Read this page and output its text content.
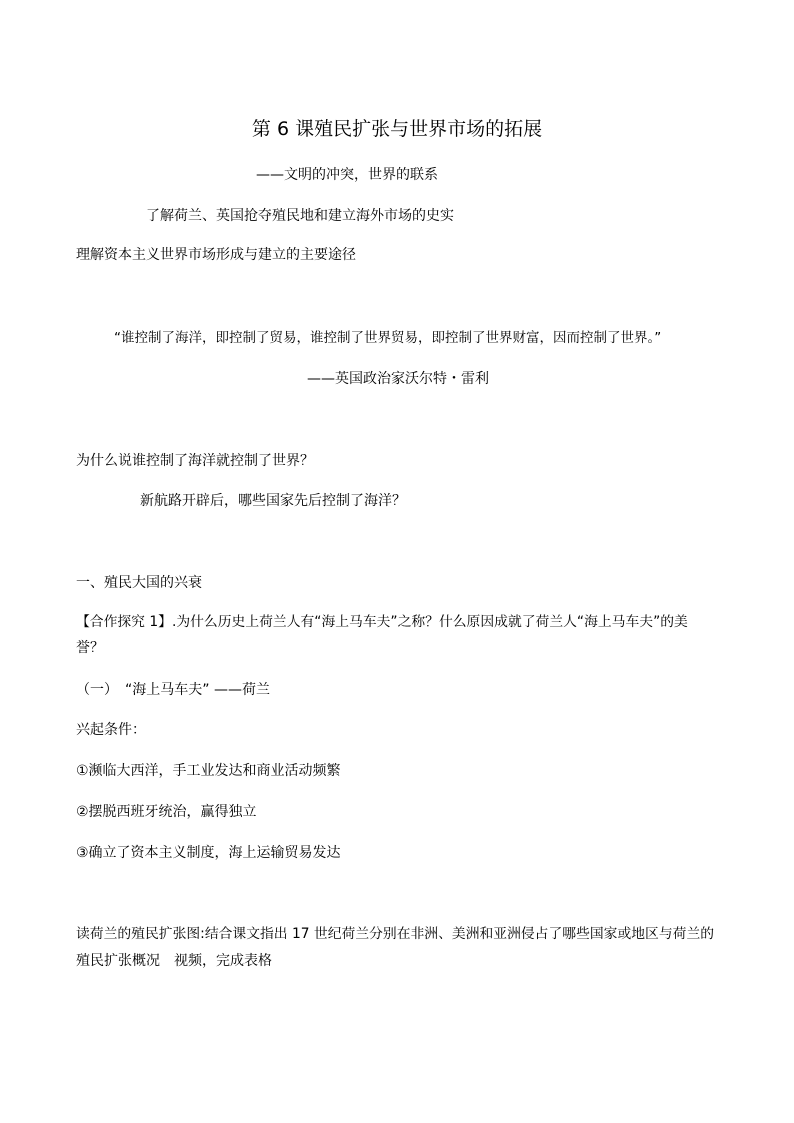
第 6 课殖民扩张与世界市场的拓展
——文明的冲突，世界的联系
了解荷兰、英国抢夺殖民地和建立海外市场的史实
理解资本主义世界市场形成与建立的主要途径
“谁控制了海洋，即控制了贸易，谁控制了世界贸易，即控制了世界财富，因而控制了世界。”
——英国政治家沃尔特・雷利
为什么说谁控制了海洋就控制了世界？
新航路开辟后，哪些国家先后控制了海洋？
一、殖民大国的兴衰
【合作探究 1】.为什么历史上荷兰人有“海上马车夫”之称？什么原因成就了荷兰人“海上马车夫”的美
誉？
（一）　“海上马车夫” ——荷兰
兴起条件：
①濒临大西洋，手工业发达和商业活动频繁
②摆脱西班牙统治，赢得独立
③确立了资本主义制度，海上运输贸易发达
读荷兰的殖民扩张图:结合课文指出 17 世纪荷兰分别在非洲、美洲和亚洲侵占了哪些国家或地区与荷兰的
殖民扩张概况　视频，完成表格
